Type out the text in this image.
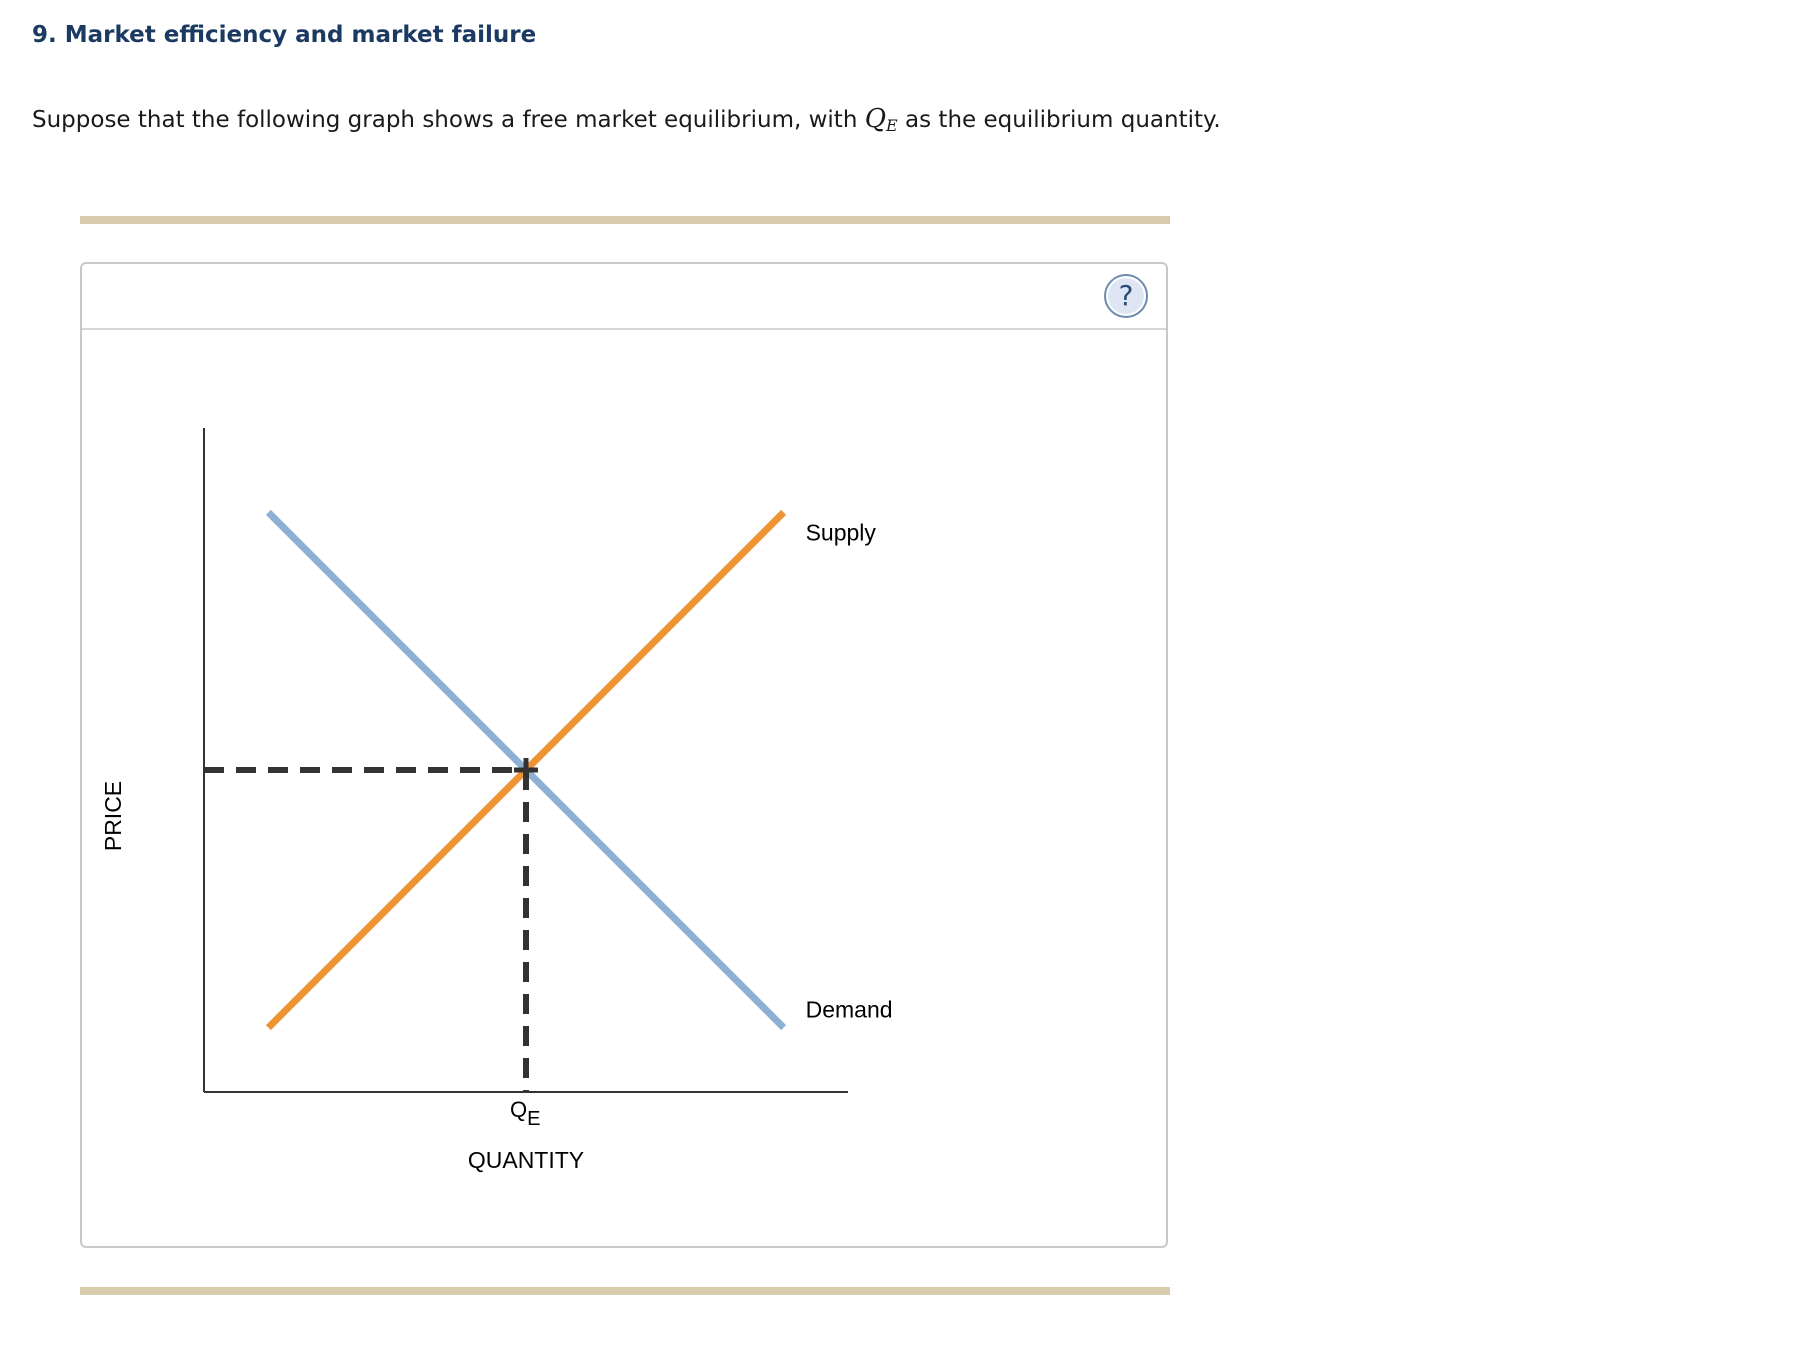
9. Market efficiency and market failure
Suppose that the following graph shows a free market equilibrium, with QE as the equilibrium quantity.
?
PRICE
QUANTITY
Supply
Demand
QE
